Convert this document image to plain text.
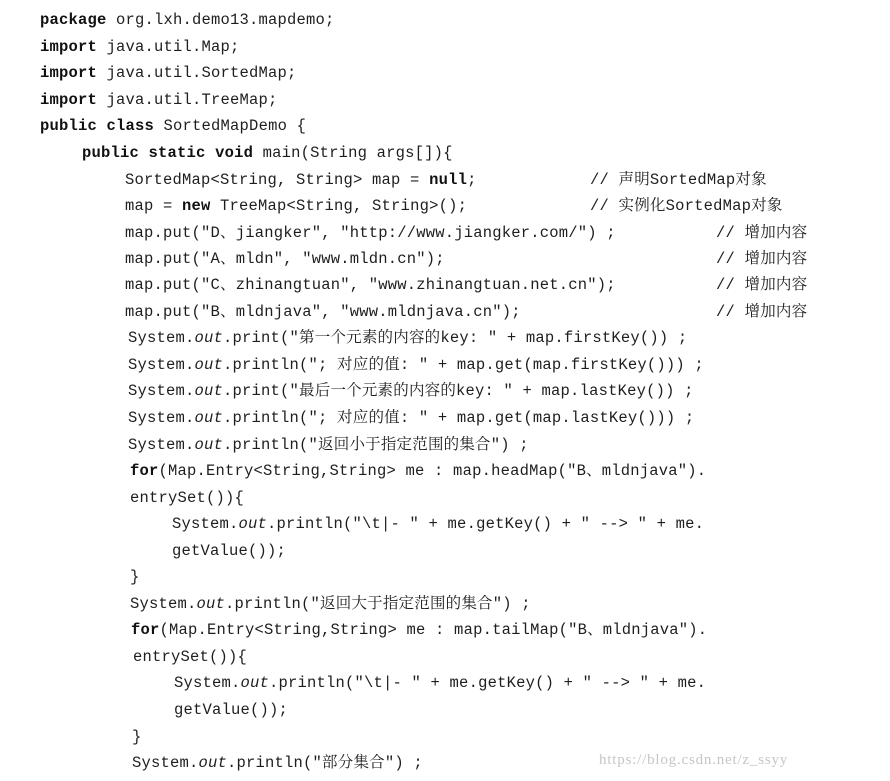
package org.lxh.demo13.mapdemo;
import java.util.Map;
import java.util.SortedMap;
import java.util.TreeMap;
public class SortedMapDemo {
public static void main(String args[]){
SortedMap<String, String> map = null;	// 声明SortedMap对象
map = new TreeMap<String, String>();	// 实例化SortedMap对象
map.put("D、jiangker", "http://www.jiangker.com/") ;	// 增加内容
map.put("A、mldn", "www.mldn.cn");	// 增加内容
map.put("C、zhinangtuan", "www.zhinangtuan.net.cn");	// 增加内容
map.put("B、mldnjava", "www.mldnjava.cn");	// 增加内容
System.out.print("第一个元素的内容的key: " + map.firstKey()) ;
System.out.println("; 对应的值: " + map.get(map.firstKey())) ;
System.out.print("最后一个元素的内容的key: " + map.lastKey()) ;
System.out.println("; 对应的值: " + map.get(map.lastKey())) ;
System.out.println("返回小于指定范围的集合") ;
for(Map.Entry<String,String> me : map.headMap("B、mldnjava").
entrySet()){
System.out.println("\t|- " + me.getKey() + " --> " + me.
getValue());
}
System.out.println("返回大于指定范围的集合") ;
for(Map.Entry<String,String> me : map.tailMap("B、mldnjava").
entrySet()){
System.out.println("\t|- " + me.getKey() + " --> " + me.
getValue());
}
System.out.println("部分集合") ;	https://blog.csdn.net/z_ssyy
